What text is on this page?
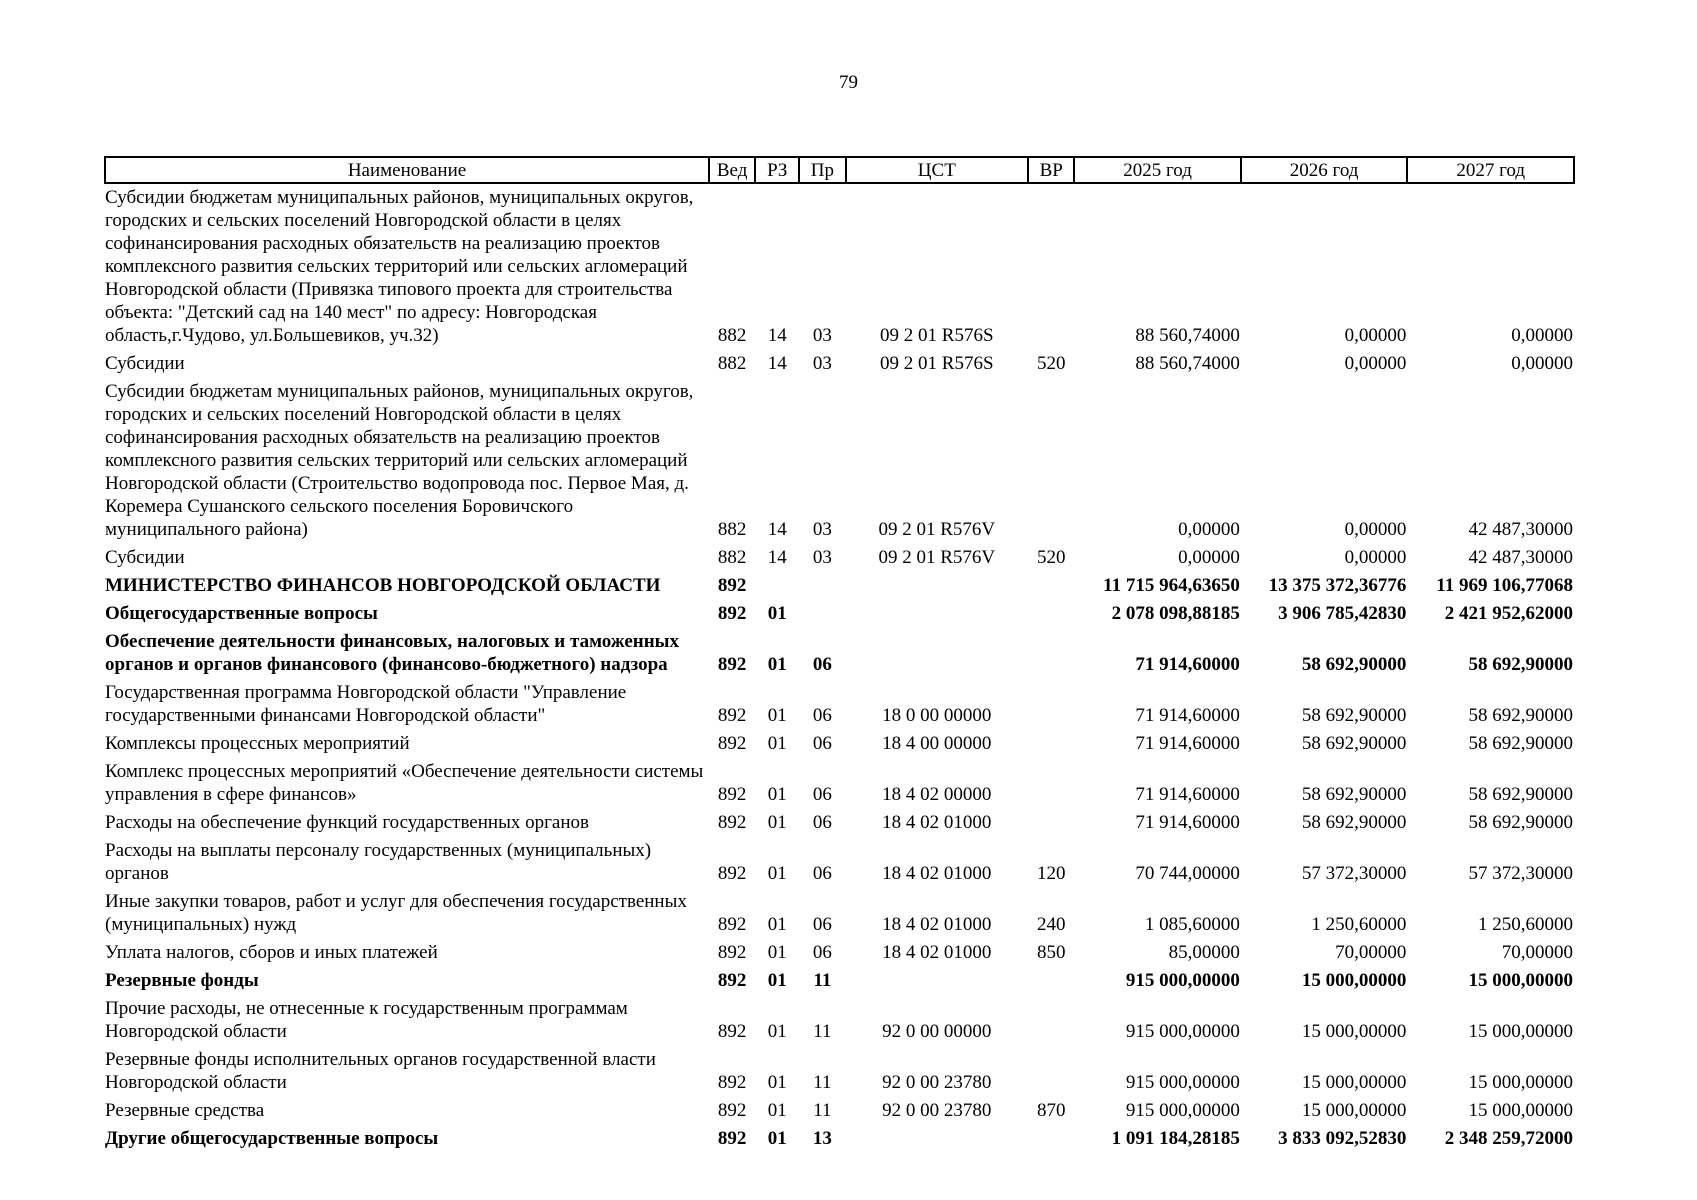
79
Наименование	Вед	РЗ	Пр	ЦСТ	ВР	2025 год	2026 год	2027 год
Субсидии бюджетам муниципальных районов, муниципальных округов, городских и сельских поселений Новгородской области в целях софинансирования расходных обязательств на реализацию проектов комплексного развития сельских территорий или сельских агломераций Новгородской области (Привязка типового проекта для строительства объекта: "Детский сад на 140 мест" по адресу: Новгородская область,г.Чудово, ул.Большевиков, уч.32)	882	14	03	09 2 01 R576S		88 560,74000	0,00000	0,00000
Субсидии	882	14	03	09 2 01 R576S	520	88 560,74000	0,00000	0,00000
Субсидии бюджетам муниципальных районов, муниципальных округов, городских и сельских поселений Новгородской области в целях софинансирования расходных обязательств на реализацию проектов комплексного развития сельских территорий или сельских агломераций Новгородской области (Строительство водопровода пос. Первое Мая, д. Коремера Сушанского сельского поселения Боровичского муниципального района)	882	14	03	09 2 01 R576V		0,00000	0,00000	42 487,30000
Субсидии	882	14	03	09 2 01 R576V	520	0,00000	0,00000	42 487,30000
МИНИСТЕРСТВО ФИНАНСОВ НОВГОРОДСКОЙ ОБЛАСТИ	892					11 715 964,63650	13 375 372,36776	11 969 106,77068
Общегосударственные вопросы	892	01				2 078 098,88185	3 906 785,42830	2 421 952,62000
Обеспечение деятельности финансовых, налоговых и таможенных органов и органов финансового (финансово-бюджетного) надзора	892	01	06			71 914,60000	58 692,90000	58 692,90000
Государственная программа Новгородской области "Управление государственными финансами Новгородской области"	892	01	06	18 0 00 00000		71 914,60000	58 692,90000	58 692,90000
Комплексы процессных мероприятий	892	01	06	18 4 00 00000		71 914,60000	58 692,90000	58 692,90000
Комплекс процессных мероприятий «Обеспечение деятельности системы управления в сфере финансов»	892	01	06	18 4 02 00000		71 914,60000	58 692,90000	58 692,90000
Расходы на обеспечение функций государственных органов	892	01	06	18 4 02 01000		71 914,60000	58 692,90000	58 692,90000
Расходы на выплаты персоналу государственных (муниципальных) органов	892	01	06	18 4 02 01000	120	70 744,00000	57 372,30000	57 372,30000
Иные закупки товаров, работ и услуг для обеспечения государственных (муниципальных) нужд	892	01	06	18 4 02 01000	240	1 085,60000	1 250,60000	1 250,60000
Уплата налогов, сборов и иных платежей	892	01	06	18 4 02 01000	850	85,00000	70,00000	70,00000
Резервные фонды	892	01	11			915 000,00000	15 000,00000	15 000,00000
Прочие расходы, не отнесенные к государственным программам Новгородской области	892	01	11	92 0 00 00000		915 000,00000	15 000,00000	15 000,00000
Резервные фонды исполнительных органов государственной власти Новгородской области	892	01	11	92 0 00 23780		915 000,00000	15 000,00000	15 000,00000
Резервные средства	892	01	11	92 0 00 23780	870	915 000,00000	15 000,00000	15 000,00000
Другие общегосударственные вопросы	892	01	13			1 091 184,28185	3 833 092,52830	2 348 259,72000
